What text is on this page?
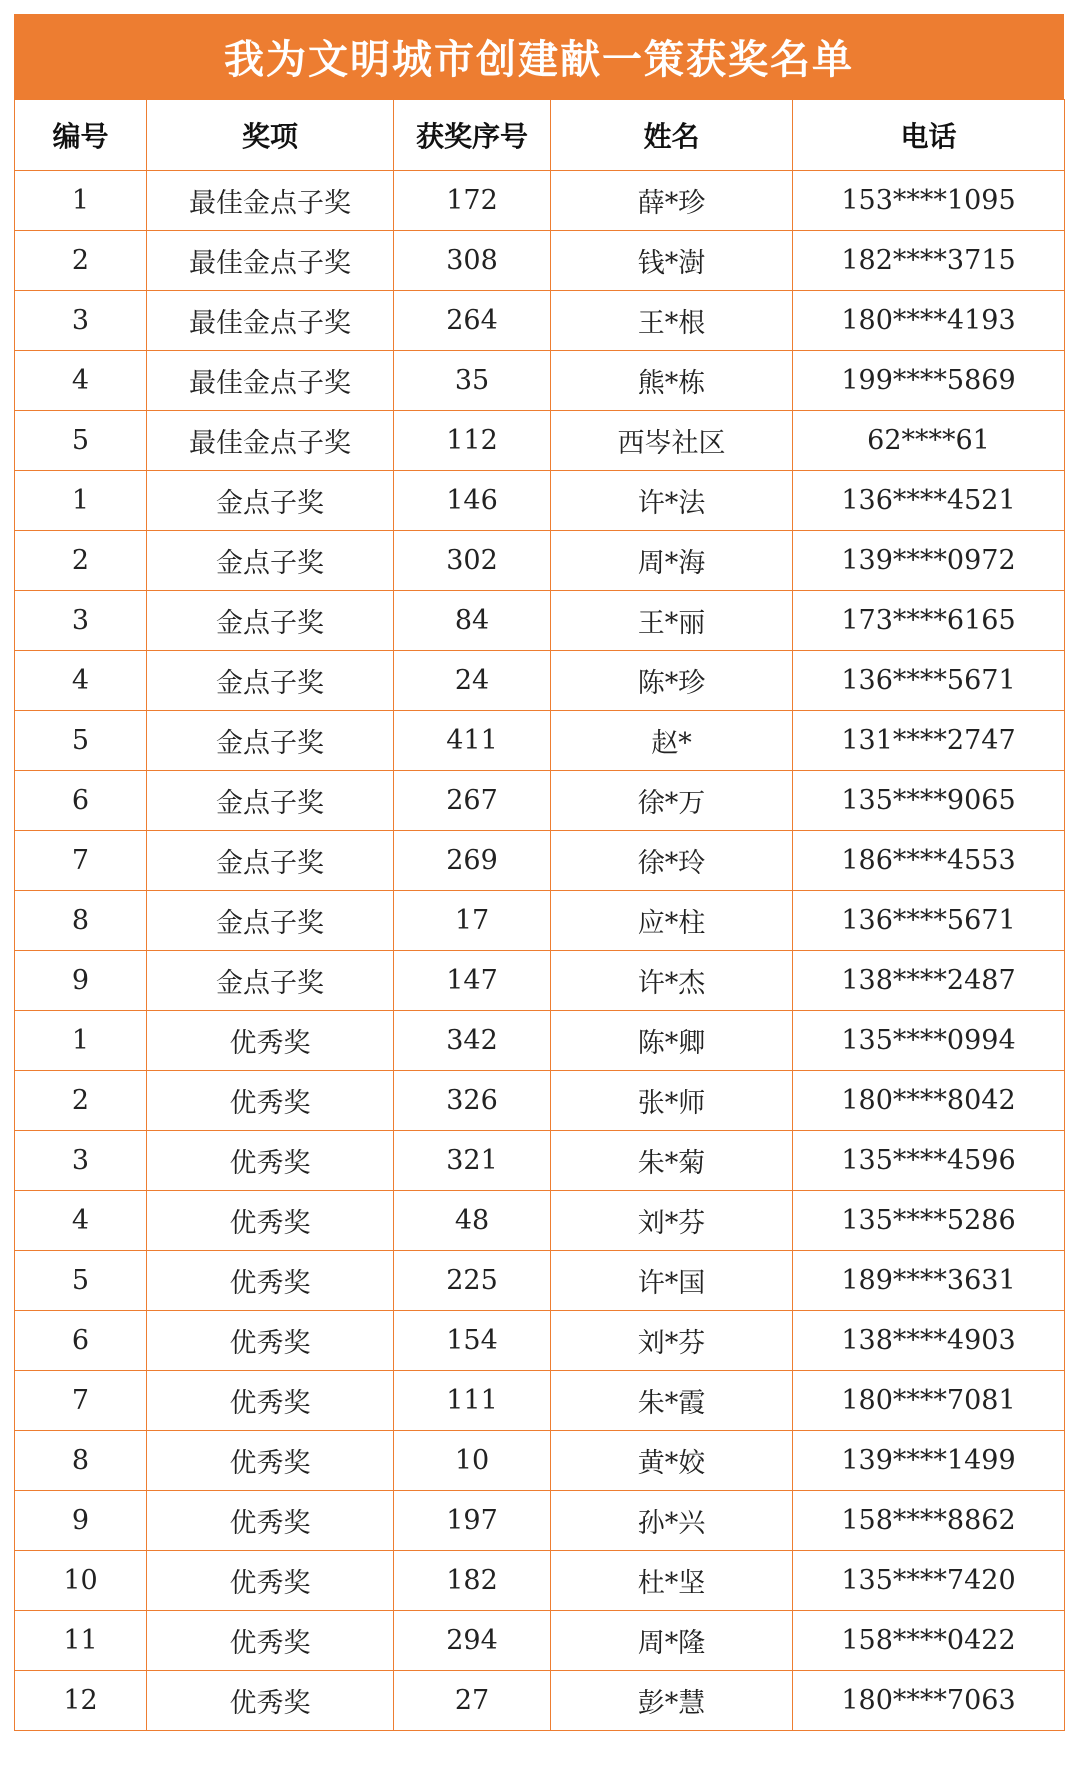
我为文明城市创建献一策获奖名单
编号	奖项	获奖序号	姓名	电话
1	最佳金点子奖	172	薛*珍	153****1095
2	最佳金点子奖	308	钱*澍	182****3715
3	最佳金点子奖	264	王*根	180****4193
4	最佳金点子奖	35	熊*栋	199****5869
5	最佳金点子奖	112	西岑社区	62****61
1	金点子奖	146	许*法	136****4521
2	金点子奖	302	周*海	139****0972
3	金点子奖	84	王*丽	173****6165
4	金点子奖	24	陈*珍	136****5671
5	金点子奖	411	赵*	131****2747
6	金点子奖	267	徐*万	135****9065
7	金点子奖	269	徐*玲	186****4553
8	金点子奖	17	应*柱	136****5671
9	金点子奖	147	许*杰	138****2487
1	优秀奖	342	陈*卿	135****0994
2	优秀奖	326	张*师	180****8042
3	优秀奖	321	朱*菊	135****4596
4	优秀奖	48	刘*芬	135****5286
5	优秀奖	225	许*国	189****3631
6	优秀奖	154	刘*芬	138****4903
7	优秀奖	111	朱*霞	180****7081
8	优秀奖	10	黄*姣	139****1499
9	优秀奖	197	孙*兴	158****8862
10	优秀奖	182	杜*坚	135****7420
11	优秀奖	294	周*隆	158****0422
12	优秀奖	27	彭*慧	180****7063
